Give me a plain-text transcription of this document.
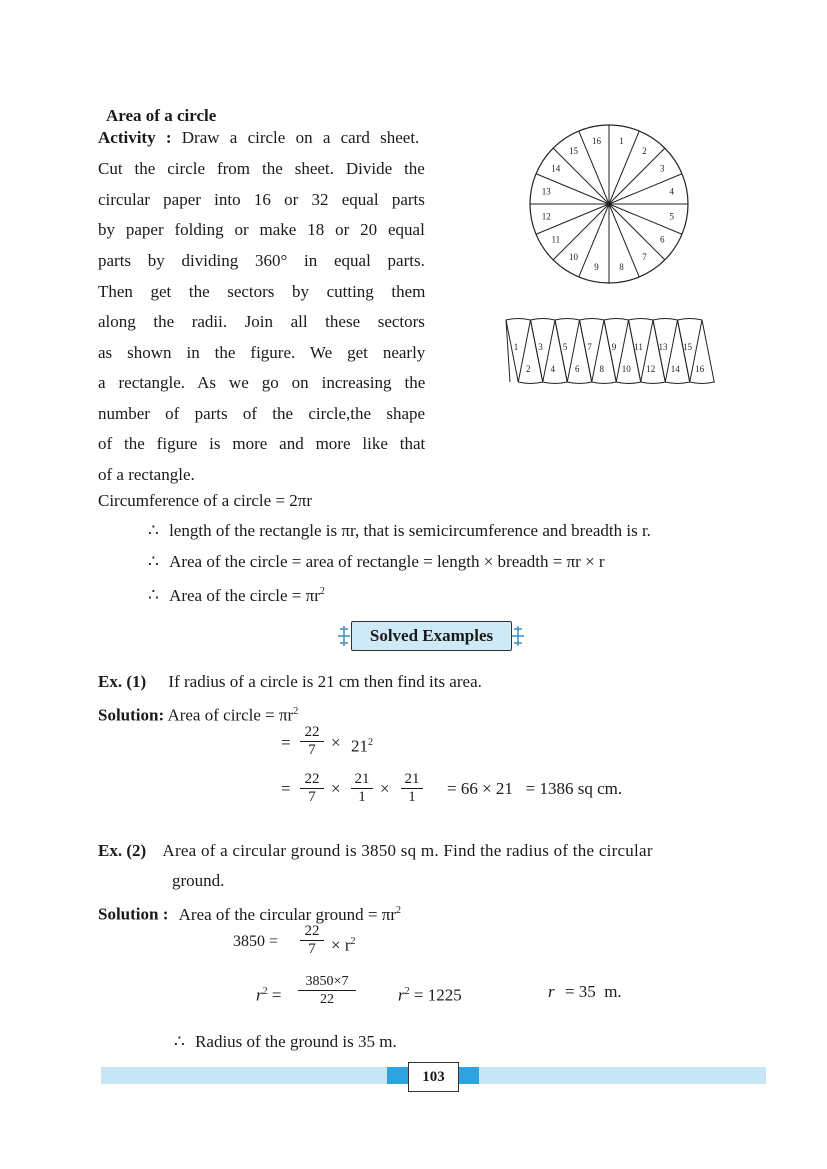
Area of a circle
Activity : Draw a circle on a card sheet.
Cut the circle from the sheet. Divide the
circular paper into 16 or 32 equal parts
by paper folding or make 18 or 20 equal
parts by dividing 360° in equal parts.
Then get the sectors by cutting them
along the radii. Join all these sectors
as shown in the figure. We get nearly
a rectangle. As we go on increasing the
number of parts of the circle,the shape
of the figure is more and more like that
of a rectangle.
1
2
3
4
5
6
7
8
9
10
11
12
13
14
15
16
1
2
3
4
5
6
7
8
9
10
11
12
13
14
15
16
Circumference of a circle = 2πr
∴ length of the rectangle is πr, that is semicircumference and breadth is r.
∴ Area of the circle = area of rectangle = length × breadth = πr × r
∴ Area of the circle = $\pi r^2$
Solved Examples
Ex. (1) If radius of a circle is 21 cm then find its area.
Solution: Area of circle = $\pi r^2$
= $\frac{22}{7} \times 21^2$
= $\frac{22}{7} \times \frac{21}{1} \times \frac{21}{1} = 66 \times 21 = 1386$ sq cm.
Ex. (2) Area of a circular ground is 3850 sq m. Find the radius of the circular
ground.
Solution : Area of the circular ground = $\pi r^2$
$3850 = \frac{22}{7} \times r^2$
$r^2 = \frac{3850\times 7}{22} r^2 = 1225$	r = 35  m.
∴ Radius of the ground is 35 m.
103
